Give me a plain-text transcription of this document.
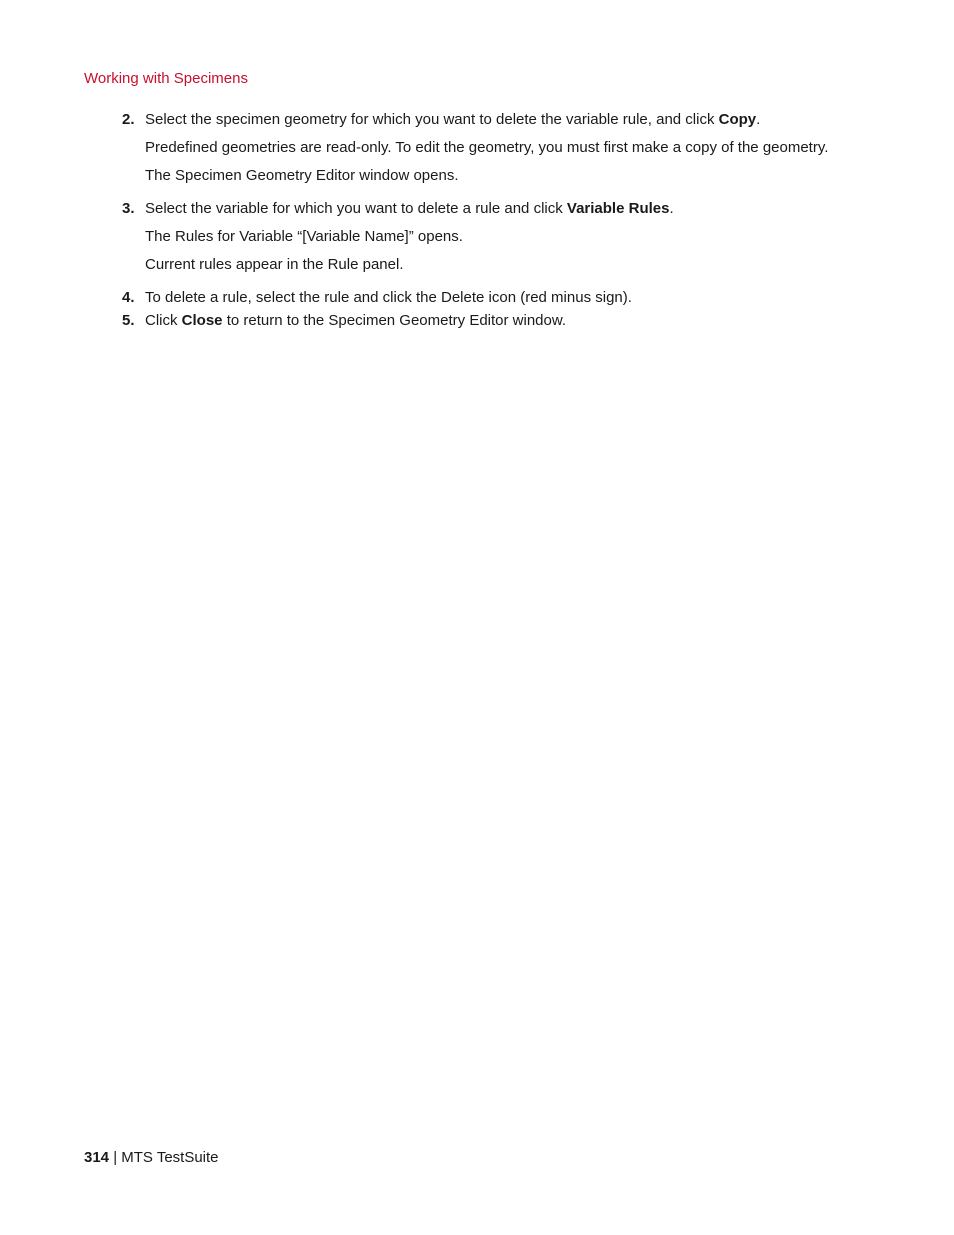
Working with Specimens
2. Select the specimen geometry for which you want to delete the variable rule, and click Copy.
Predefined geometries are read-only. To edit the geometry, you must first make a copy of the geometry.
The Specimen Geometry Editor window opens.
3. Select the variable for which you want to delete a rule and click Variable Rules.
The Rules for Variable “[Variable Name]” opens.
Current rules appear in the Rule panel.
4. To delete a rule, select the rule and click the Delete icon (red minus sign).
5. Click Close to return to the Specimen Geometry Editor window.
314 | MTS TestSuite
